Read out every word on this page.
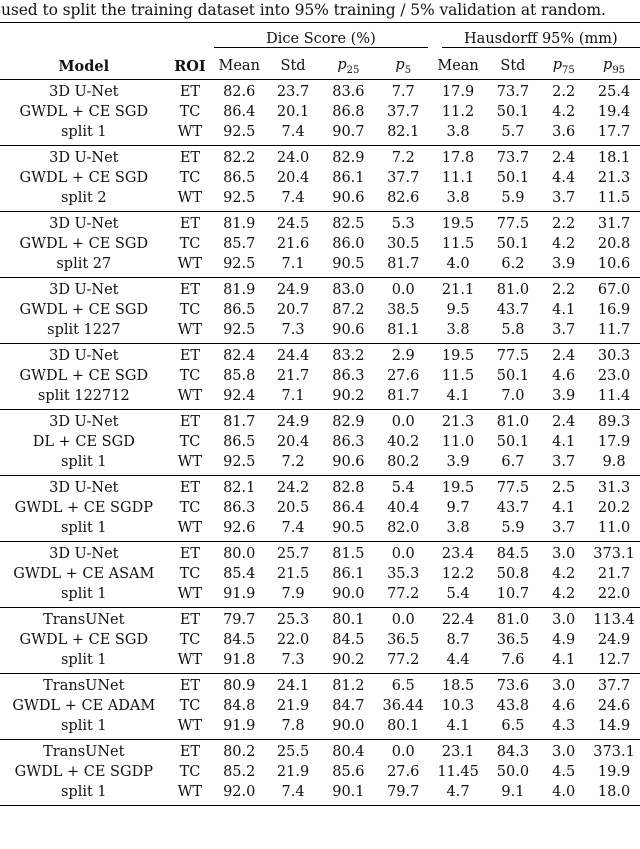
used to split the training dataset into 95% training / 5% validation at random.

		Dice Score (%)				Hausdorff 95% (mm)			

Model	ROI	Mean	Std	$p_{25}$	$p_5$	Mean	Std	$p_{75}$	$p_{95}$
3D U-Net	ET	82.6	23.7	83.6	7.7	17.9	73.7	2.2	25.4
GWDL + CE SGD	TC	86.4	20.1	86.8	37.7	11.2	50.1	4.2	19.4
split 1	WT	92.5	7.4	90.7	82.1	3.8	5.7	3.6	17.7
3D U-Net	ET	82.2	24.0	82.9	7.2	17.8	73.7	2.4	18.1
GWDL + CE SGD	TC	86.5	20.4	86.1	37.7	11.1	50.1	4.4	21.3
split 2	WT	92.5	7.4	90.6	82.6	3.8	5.9	3.7	11.5
3D U-Net	ET	81.9	24.5	82.5	5.3	19.5	77.5	2.2	31.7
GWDL + CE SGD	TC	85.7	21.6	86.0	30.5	11.5	50.1	4.2	20.8
split 27	WT	92.5	7.1	90.5	81.7	4.0	6.2	3.9	10.6
3D U-Net	ET	81.9	24.9	83.0	0.0	21.1	81.0	2.2	67.0
GWDL + CE SGD	TC	86.5	20.7	87.2	38.5	9.5	43.7	4.1	16.9
split 1227	WT	92.5	7.3	90.6	81.1	3.8	5.8	3.7	11.7
3D U-Net	ET	82.4	24.4	83.2	2.9	19.5	77.5	2.4	30.3
GWDL + CE SGD	TC	85.8	21.7	86.3	27.6	11.5	50.1	4.6	23.0
split 122712	WT	92.4	7.1	90.2	81.7	4.1	7.0	3.9	11.4
3D U-Net	ET	81.7	24.9	82.9	0.0	21.3	81.0	2.4	89.3
DL + CE SGD	TC	86.5	20.4	86.3	40.2	11.0	50.1	4.1	17.9
split 1	WT	92.5	7.2	90.6	80.2	3.9	6.7	3.7	9.8
3D U-Net	ET	82.1	24.2	82.8	5.4	19.5	77.5	2.5	31.3
GWDL + CE SGDP	TC	86.3	20.5	86.4	40.4	9.7	43.7	4.1	20.2
split 1	WT	92.6	7.4	90.5	82.0	3.8	5.9	3.7	11.0
3D U-Net	ET	80.0	25.7	81.5	0.0	23.4	84.5	3.0	373.1
GWDL + CE ASAM	TC	85.4	21.5	86.1	35.3	12.2	50.8	4.2	21.7
split 1	WT	91.9	7.9	90.0	77.2	5.4	10.7	4.2	22.0
TransUNet	ET	79.7	25.3	80.1	0.0	22.4	81.0	3.0	113.4
GWDL + CE SGD	TC	84.5	22.0	84.5	36.5	8.7	36.5	4.9	24.9
split 1	WT	91.8	7.3	90.2	77.2	4.4	7.6	4.1	12.7
TransUNet	ET	80.9	24.1	81.2	6.5	18.5	73.6	3.0	37.7
GWDL + CE ADAM	TC	84.8	21.9	84.7	36.44	10.3	43.8	4.6	24.6
split 1	WT	91.9	7.8	90.0	80.1	4.1	6.5	4.3	14.9
TransUNet	ET	80.2	25.5	80.4	0.0	23.1	84.3	3.0	373.1
GWDL + CE SGDP	TC	85.2	21.9	85.6	27.6	11.45	50.0	4.5	19.9
split 1	WT	92.0	7.4	90.1	79.7	4.7	9.1	4.0	18.0
